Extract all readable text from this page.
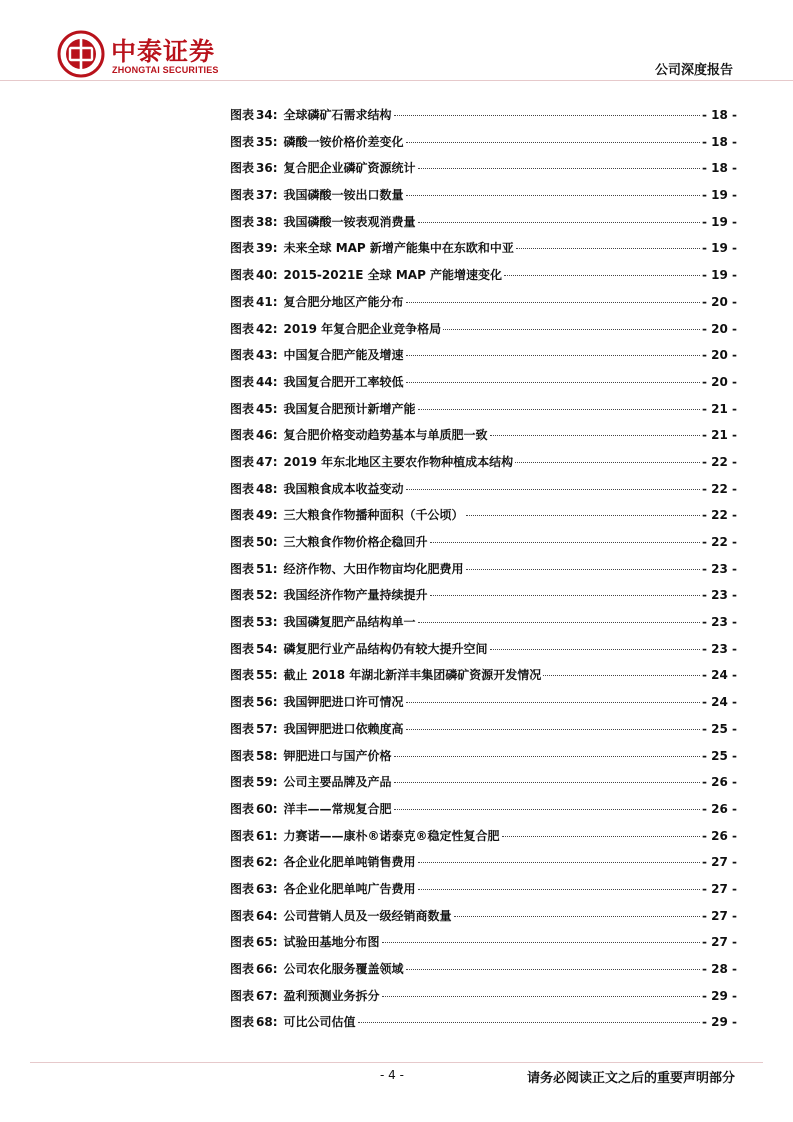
中泰证券
ZHONGTAI SECURITIES	公司深度报告
图表 34: 全球磷矿石需求结构	- 18 -
图表 35: 磷酸一铵价格价差变化	- 18 -
图表 36: 复合肥企业磷矿资源统计	- 18 -
图表 37: 我国磷酸一铵出口数量	- 19 -
图表 38: 我国磷酸一铵表观消费量	- 19 -
图表 39: 未来全球 MAP 新增产能集中在东欧和中亚	- 19 -
图表 40: 2015-2021E 全球 MAP 产能增速变化	- 19 -
图表 41: 复合肥分地区产能分布	- 20 -
图表 42: 2019 年复合肥企业竞争格局	- 20 -
图表 43: 中国复合肥产能及增速	- 20 -
图表 44: 我国复合肥开工率较低	- 20 -
图表 45: 我国复合肥预计新增产能	- 21 -
图表 46: 复合肥价格变动趋势基本与单质肥一致	- 21 -
图表 47: 2019 年东北地区主要农作物种植成本结构	- 22 -
图表 48: 我国粮食成本收益变动	- 22 -
图表 49: 三大粮食作物播种面积（千公顷）	- 22 -
图表 50: 三大粮食作物价格企稳回升	- 22 -
图表 51: 经济作物、大田作物亩均化肥费用	- 23 -
图表 52: 我国经济作物产量持续提升	- 23 -
图表 53: 我国磷复肥产品结构单一	- 23 -
图表 54: 磷复肥行业产品结构仍有较大提升空间	- 23 -
图表 55: 截止 2018 年湖北新洋丰集团磷矿资源开发情况	- 24 -
图表 56: 我国钾肥进口许可情况	- 24 -
图表 57: 我国钾肥进口依赖度高	- 25 -
图表 58: 钾肥进口与国产价格	- 25 -
图表 59: 公司主要品牌及产品	- 26 -
图表 60: 洋丰——常规复合肥	- 26 -
图表 61: 力赛诺——康朴®诺泰克®稳定性复合肥	- 26 -
图表 62: 各企业化肥单吨销售费用	- 27 -
图表 63: 各企业化肥单吨广告费用	- 27 -
图表 64: 公司营销人员及一级经销商数量	- 27 -
图表 65: 试验田基地分布图	- 27 -
图表 66: 公司农化服务覆盖领域	- 28 -
图表 67: 盈利预测业务拆分	- 29 -
图表 68: 可比公司估值	- 29 -
- 4 -	请务必阅读正文之后的重要声明部分
